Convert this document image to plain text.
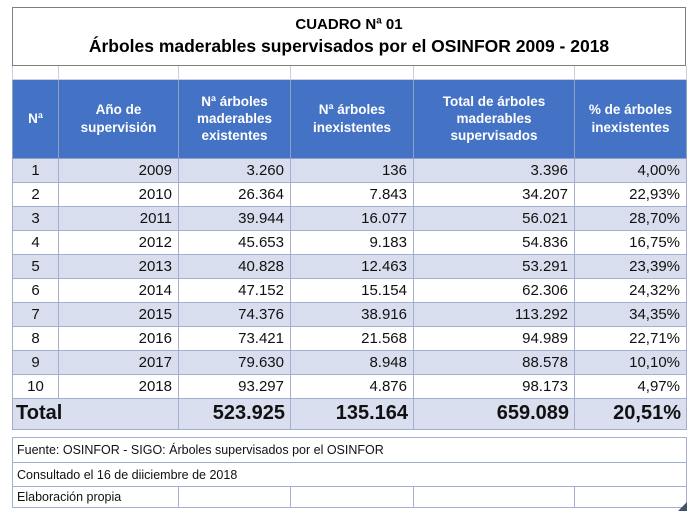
CUADRO Nª 01
Árboles maderables supervisados por el OSINFOR 2009 - 2018

Nª	Año de supervisión	Nª árboles maderables existentes	Nª árboles inexistentes	Total de árboles maderables supervisados	% de árboles inexistentes
1	2009	3.260	136	3.396	4,00%
2	2010	26.364	7.843	34.207	22,93%
3	2011	39.944	16.077	56.021	28,70%
4	2012	45.653	9.183	54.836	16,75%
5	2013	40.828	12.463	53.291	23,39%
6	2014	47.152	15.154	62.306	24,32%
7	2015	74.376	38.916	113.292	34,35%
8	2016	73.421	21.568	94.989	22,71%
9	2017	79.630	8.948	88.578	10,10%
10	2018	93.297	4.876	98.173	4,97%
Total		523.925	135.164	659.089	20,51%
Fuente: OSINFOR - SIGO: Árboles supervisados por el OSINFOR
Consultado el 16 de diiciembre de 2018
Elaboración propia				
